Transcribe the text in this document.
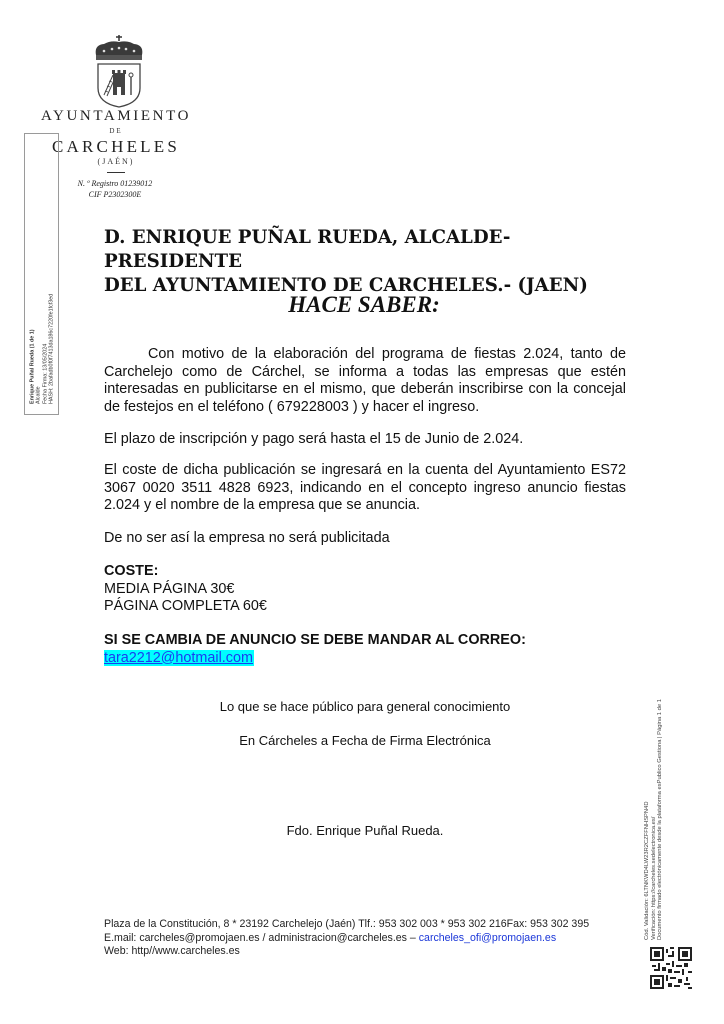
AYUNTAMIENTO
DE
CARCHELES
(JAÉN)
N. º Registro 01239012
CIF P2302300E
Enrique Puñal Rueda (1 de 1) Alcalde Fecha Firma: 13/05/2024 HASH: 2bafadb0f0f7413da186c7220fe1fcf3ed
D. ENRIQUE PUÑAL RUEDA, ALCALDE-PRESIDENTE
DEL AYUNTAMIENTO DE CARCHELES.- (JAEN)
HACE SABER:
Con motivo de la elaboración del programa de fiestas 2.024, tanto de Carchelejo como de Cárchel, se informa a todas las empresas que estén interesadas en publicitarse en el mismo, que deberán inscribirse con la concejal de festejos en el teléfono ( 679228003 ) y hacer el ingreso.
El plazo de inscripción y pago será hasta el 15 de Junio de 2.024.
El coste de dicha publicación se ingresará en la cuenta del Ayuntamiento ES72 3067 0020 3511 4828 6923, indicando en el concepto ingreso anuncio fiestas 2.024 y el nombre de la empresa que se anuncia.
De no ser así la empresa no será publicitada
COSTE:
MEDIA PÁGINA 30€
PÁGINA COMPLETA 60€
SI SE CAMBIA DE ANUNCIO SE DEBE MANDAR AL CORREO:
tara2212@hotmail.com
Lo que se hace público para general conocimiento
En Cárcheles a Fecha de Firma Electrónica
Fdo. Enrique Puñal Rueda.
Plaza de la Constitución, 8 * 23192 Carchelejo (Jaén) Tlf.: 953 302 003 * 953 302 216Fax: 953 302 395
E.mail: carcheles@promojaen.es / administracion@carcheles.es – carcheles_ofi@promojaen.es
Web: http//www.carcheles.es
Cód. Validación: 6LTNKWD4LW23R2CZFFNHSPN4D Verificación: https://carcheles.sedelectronica.es/ Documento firmado electrónicamente desde la plataforma esPublico Gestiona | Página 1 de 1
